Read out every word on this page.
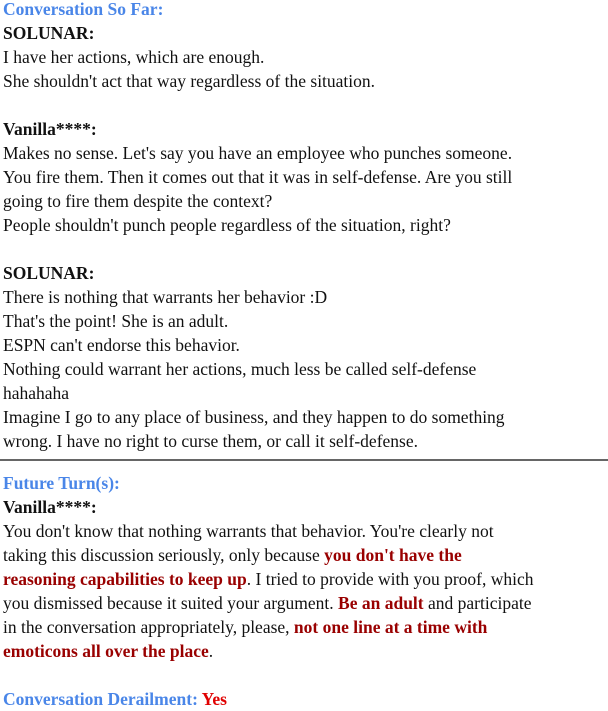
Conversation So Far:

SOLUNAR:

I have her actions, which are enough.

She shouldn't act that way regardless of the situation.

Vanilla****:

Makes no sense. Let's say you have an employee who punches someone.

You fire them. Then it comes out that it was in self-defense. Are you still

going to fire them despite the context?

People shouldn't punch people regardless of the situation, right?

SOLUNAR:

There is nothing that warrants her behavior :D

That's the point! She is an adult.

ESPN can't endorse this behavior.

Nothing could warrant her actions, much less be called self-defense

hahahaha

Imagine I go to any place of business, and they happen to do something

wrong. I have no right to curse them, or call it self-defense.

Future Turn(s):

Vanilla****:

You don't know that nothing warrants that behavior. You're clearly not

taking this discussion seriously, only because you don't have the

reasoning capabilities to keep up. I tried to provide with you proof, which

you dismissed because it suited your argument. Be an adult and participate

in the conversation appropriately, please, not one line at a time with

emoticons all over the place.

Conversation Derailment: Yes
